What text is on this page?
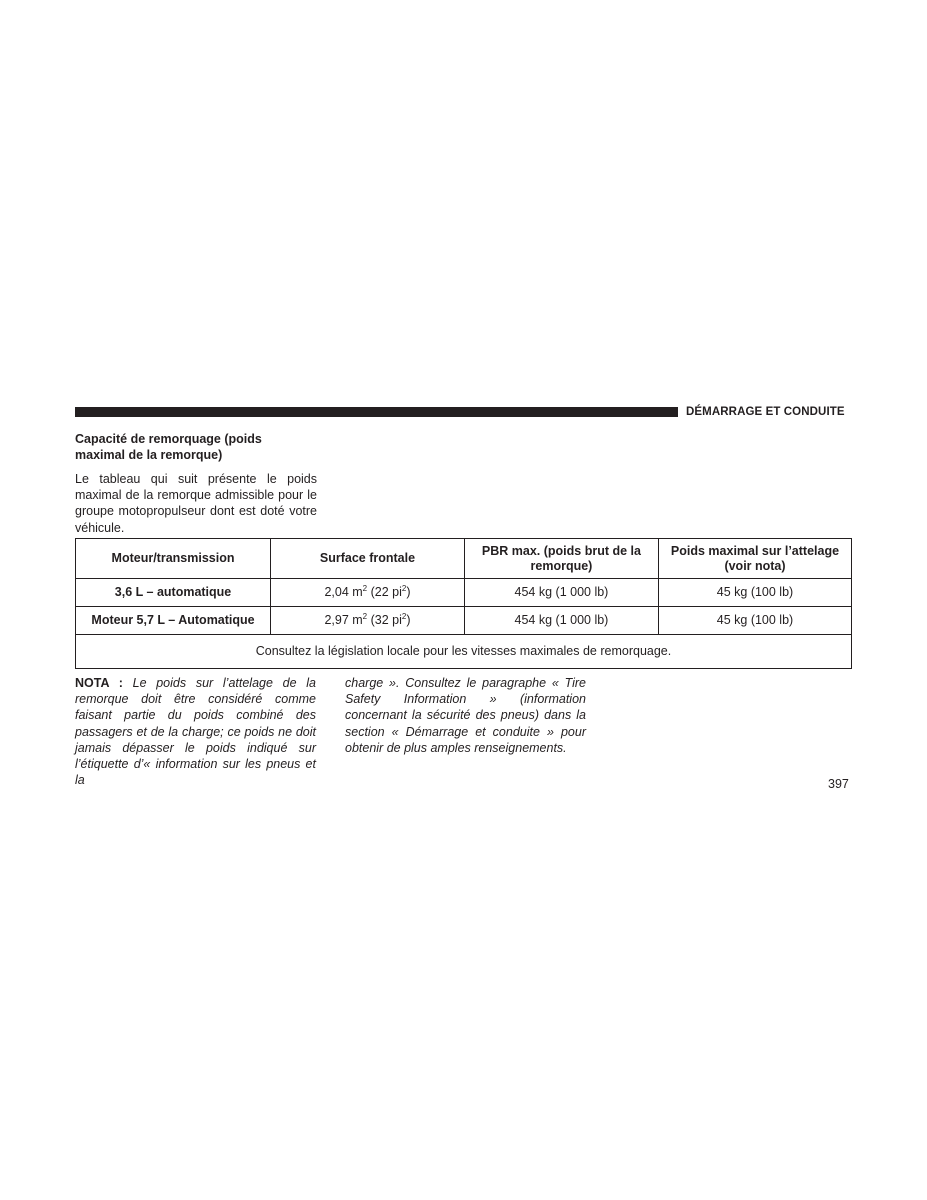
DÉMARRAGE ET CONDUITE
Capacité de remorquage (poids
maximal de la remorque)
Le tableau qui suit présente le poids maximal de la remorque admissible pour le groupe motopropulseur dont est doté votre véhicule.
Moteur/transmission	Surface frontale	PBR max. (poids brut de la remorque)	Poids maximal sur l’attelage (voir nota)
3,6 L – automatique	2,04 $m^2$ (22 $pi^2$)	454 kg (1 000 lb)	45 kg (100 lb)
Moteur 5,7 L – Automatique	2,97 $m^2$ (32 $pi^2$)	454 kg (1 000 lb)	45 kg (100 lb)
Consultez la législation locale pour les vitesses maximales de remorquage.			
NOTA : Le poids sur l’attelage de la remorque doit être considéré comme faisant partie du poids combiné des passagers et de la charge; ce poids ne doit jamais dépasser le poids indiqué sur l’étiquette d’« information sur les pneus et la
charge ». Consultez le paragraphe « Tire Safety Information » (information concernant la sécurité des pneus) dans la section « Démarrage et conduite » pour obtenir de plus amples renseignements.
397
